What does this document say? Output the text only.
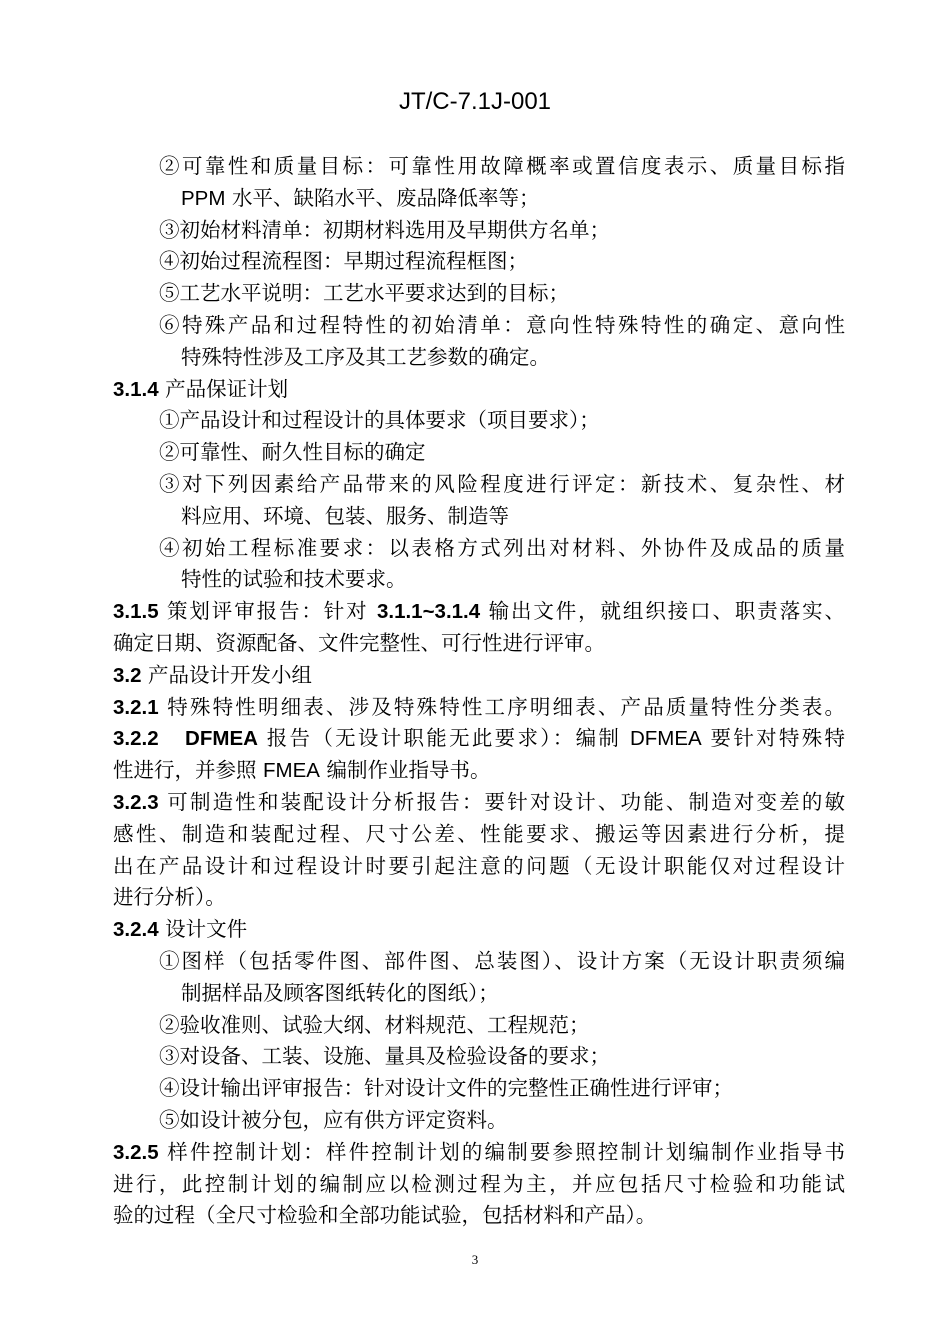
JT/C-7.1J-001
②可靠性和质量目标：可靠性用故障概率或置信度表示、质量目标指
PPM 水平、缺陷水平、废品降低率等；
③初始材料清单：初期材料选用及早期供方名单；
④初始过程流程图：早期过程流程框图；
⑤工艺水平说明：工艺水平要求达到的目标；
⑥特殊产品和过程特性的初始清单：意向性特殊特性的确定、意向性
特殊特性涉及工序及其工艺参数的确定。
3.1.4 产品保证计划
①产品设计和过程设计的具体要求（项目要求）；
②可靠性、耐久性目标的确定
③对下列因素给产品带来的风险程度进行评定：新技术、复杂性、材
料应用、环境、包装、服务、制造等
④初始工程标准要求：以表格方式列出对材料、外协件及成品的质量
特性的试验和技术要求。
3.1.5 策划评审报告：针对 3.1.1~3.1.4 输出文件，就组织接口、职责落实、
确定日期、资源配备、文件完整性、可行性进行评审。
3.2 产品设计开发小组
3.2.1 特殊特性明细表、涉及特殊特性工序明细表、产品质量特性分类表。
3.2.2 DFMEA 报告（无设计职能无此要求）：编制 DFMEA 要针对特殊特
性进行，并参照 FMEA 编制作业指导书。
3.2.3 可制造性和装配设计分析报告：要针对设计、功能、制造对变差的敏
感性、制造和装配过程、尺寸公差、性能要求、搬运等因素进行分析，提
出在产品设计和过程设计时要引起注意的问题（无设计职能仅对过程设计
进行分析）。
3.2.4 设计文件
①图样（包括零件图、部件图、总装图）、设计方案（无设计职责须编
制据样品及顾客图纸转化的图纸）；
②验收准则、试验大纲、材料规范、工程规范；
③对设备、工装、设施、量具及检验设备的要求；
④设计输出评审报告：针对设计文件的完整性正确性进行评审；
⑤如设计被分包，应有供方评定资料。
3.2.5 样件控制计划：样件控制计划的编制要参照控制计划编制作业指导书
进行，此控制计划的编制应以检测过程为主，并应包括尺寸检验和功能试
验的过程（全尺寸检验和全部功能试验，包括材料和产品）。
3
